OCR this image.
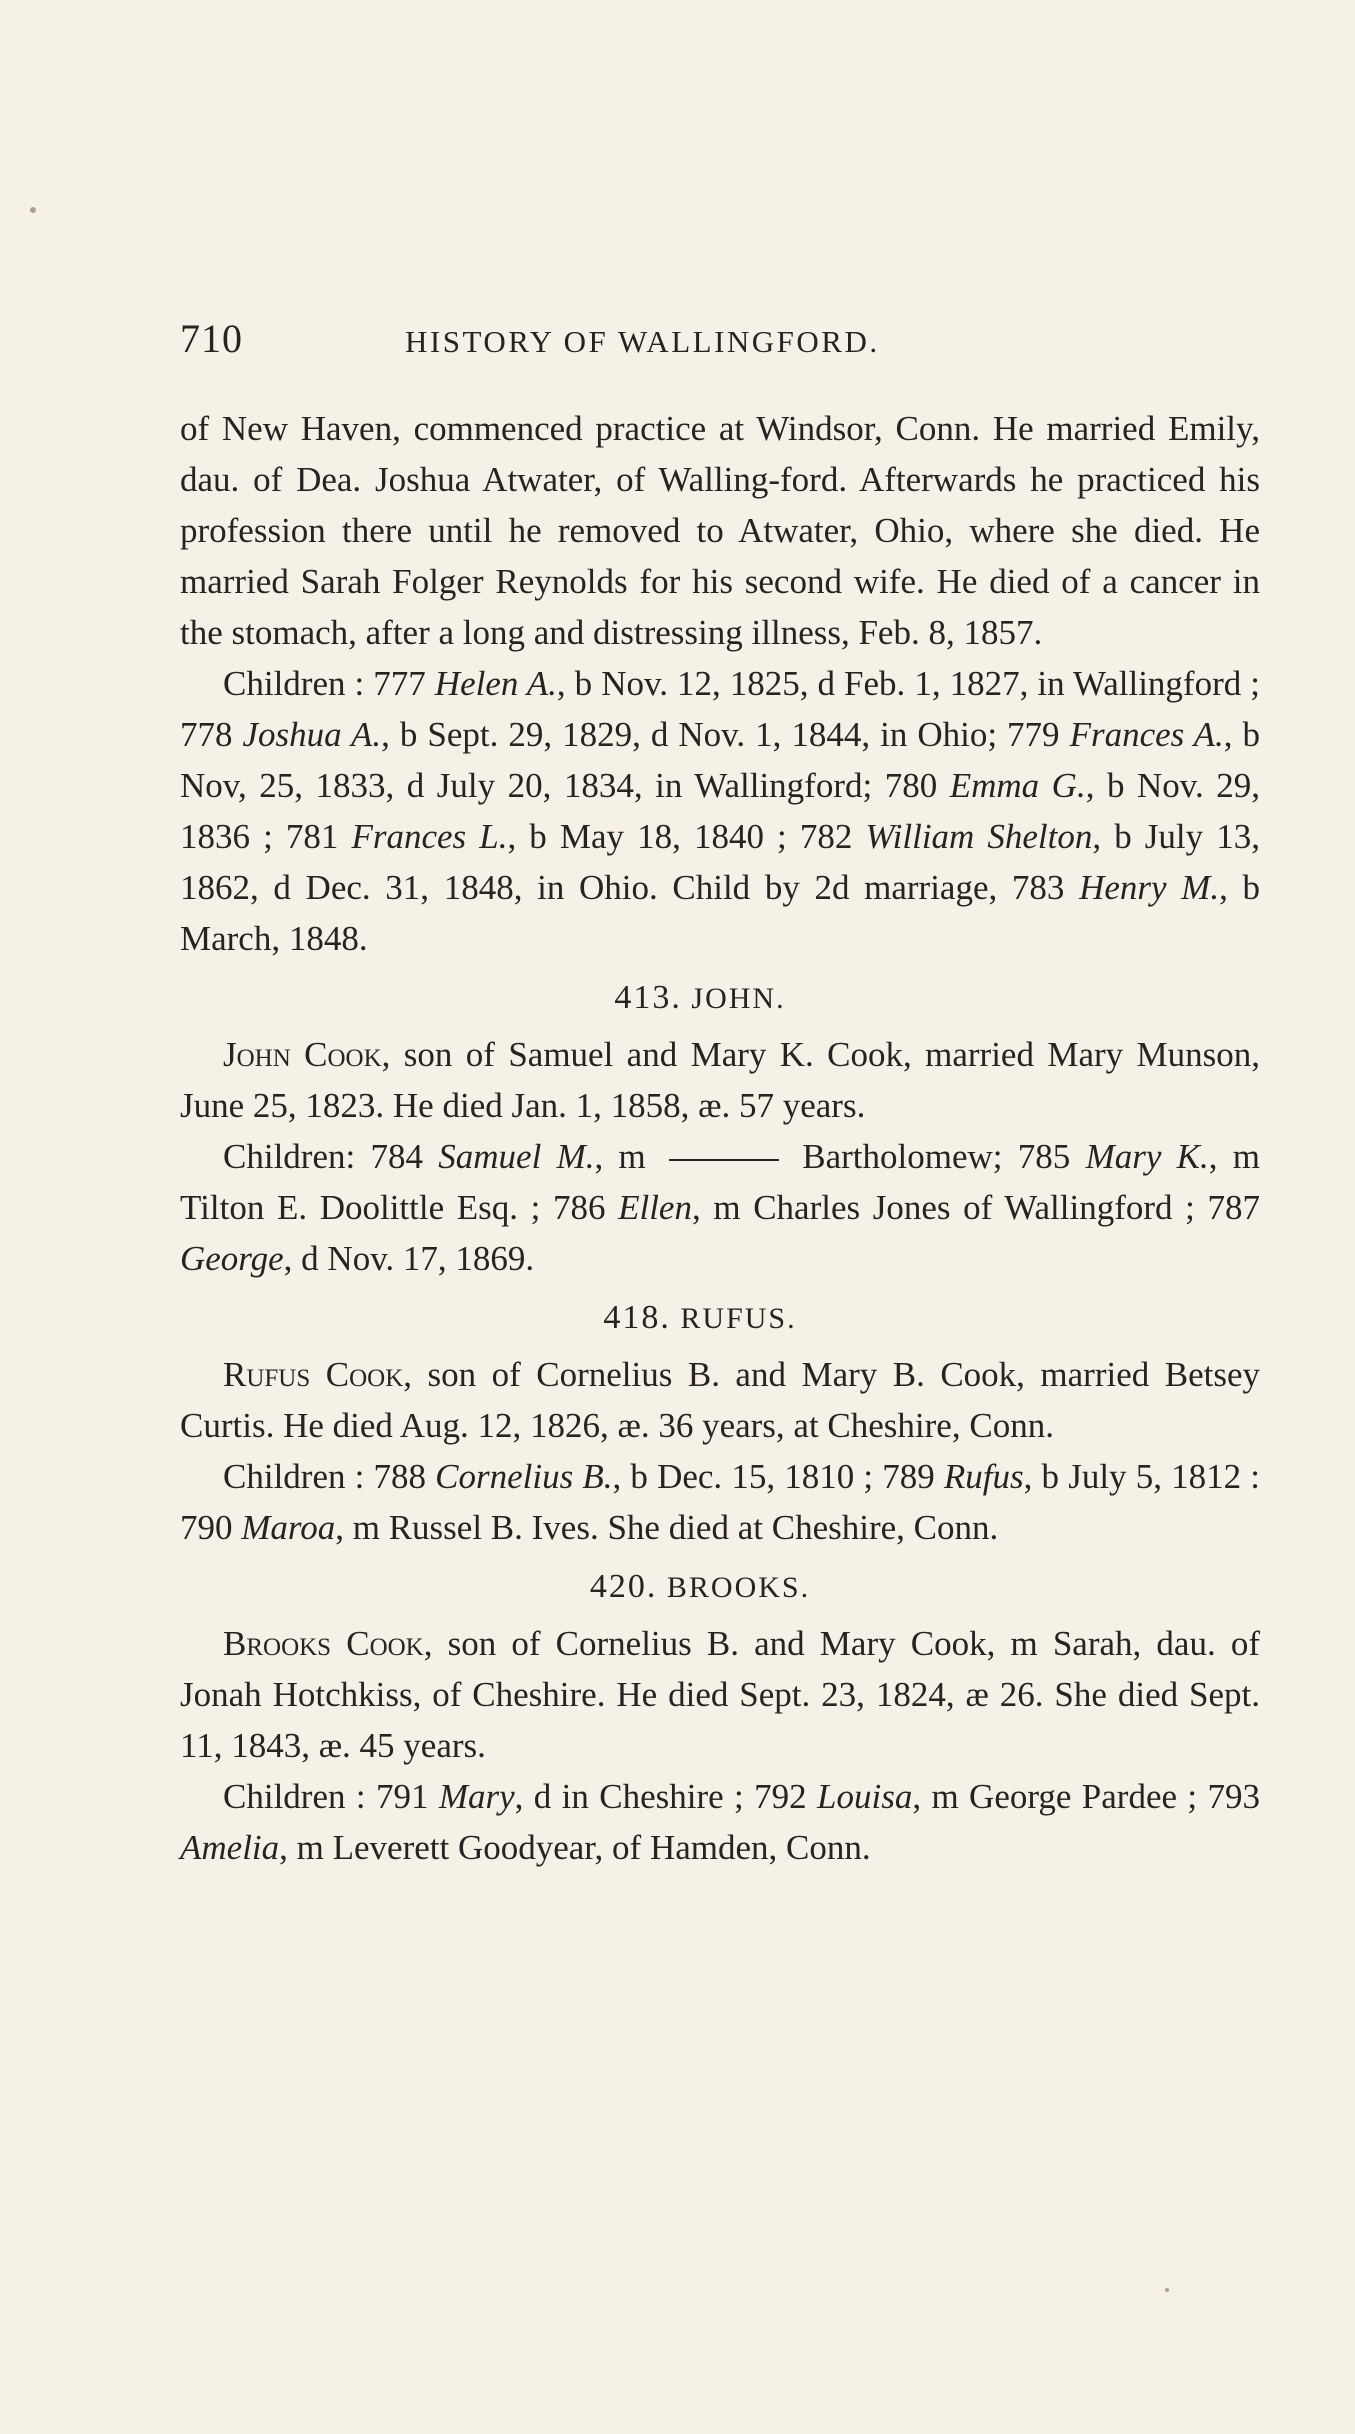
710	HISTORY OF WALLINGFORD.

of New Haven, commenced practice at Windsor, Conn. He married Emily, dau. of Dea. Joshua Atwater, of Walling-ford. Afterwards he practiced his profession there until he removed to Atwater, Ohio, where she died. He married Sarah Folger Reynolds for his second wife. He died of a cancer in the stomach, after a long and distressing illness, Feb. 8, 1857.

Children : 777 Helen A., b Nov. 12, 1825, d Feb. 1, 1827, in Wallingford ; 778 Joshua A., b Sept. 29, 1829, d Nov. 1, 1844, in Ohio; 779 Frances A., b Nov, 25, 1833, d July 20, 1834, in Wallingford; 780 Emma G., b Nov. 29, 1836 ; 781 Frances L., b May 18, 1840 ; 782 William Shelton, b July 13, 1862, d Dec. 31, 1848, in Ohio. Child by 2d marriage, 783 Henry M., b March, 1848.

413. JOHN.

John Cook, son of Samuel and Mary K. Cook, married Mary Munson, June 25, 1823. He died Jan. 1, 1858, æ. 57 years.

Children: 784 Samuel M., m	Bartholomew; 785 Mary K., m Tilton E. Doolittle Esq. ; 786 Ellen, m Charles Jones of Wallingford ; 787 George, d Nov. 17, 1869.

418. RUFUS.

Rufus Cook, son of Cornelius B. and Mary B. Cook, married Betsey Curtis. He died Aug. 12, 1826, æ. 36 years, at Cheshire, Conn.

Children : 788 Cornelius B., b Dec. 15, 1810 ; 789 Rufus, b July 5, 1812 : 790 Maroa, m Russel B. Ives. She died at Cheshire, Conn.

420. BROOKS.

Brooks Cook, son of Cornelius B. and Mary Cook, m Sarah, dau. of Jonah Hotchkiss, of Cheshire. He died Sept. 23, 1824, æ 26. She died Sept. 11, 1843, æ. 45 years.

Children : 791 Mary, d in Cheshire ; 792 Louisa, m George Pardee ; 793 Amelia, m Leverett Goodyear, of Hamden, Conn.
